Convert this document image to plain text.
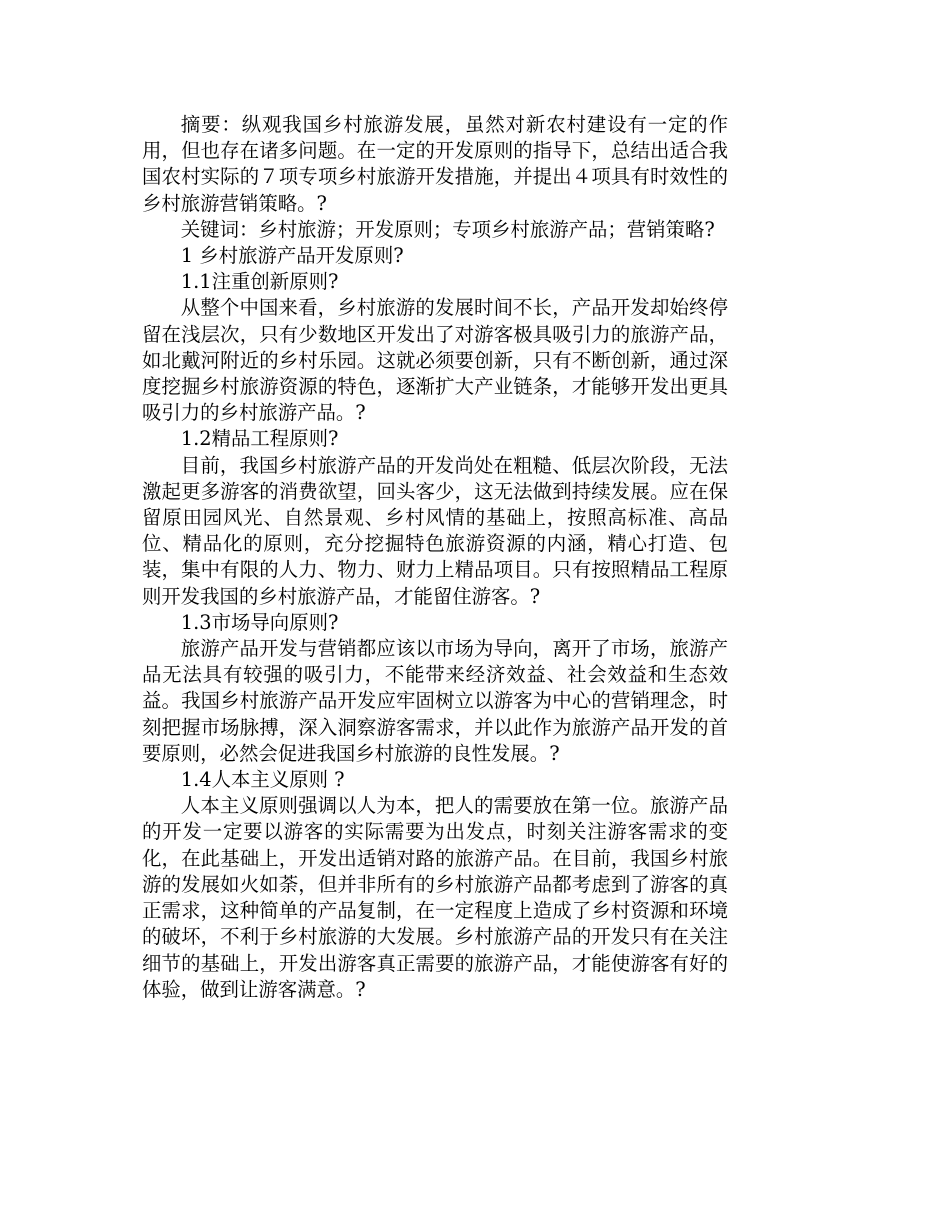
摘要：纵观我国乡村旅游发展，虽然对新农村建设有一定的作用，但也存在诸多问题。在一定的开发原则的指导下，总结出适合我国农村实际的７项专项乡村旅游开发措施，并提出４项具有时效性的乡村旅游营销策略。?

关键词：乡村旅游；开发原则；专项乡村旅游产品；营销策略?

1 乡村旅游产品开发原则?

1.1注重创新原则?

从整个中国来看，乡村旅游的发展时间不长，产品开发却始终停留在浅层次，只有少数地区开发出了对游客极具吸引力的旅游产品，如北戴河附近的乡村乐园。这就必须要创新，只有不断创新，通过深度挖掘乡村旅游资源的特色，逐渐扩大产业链条，才能够开发出更具吸引力的乡村旅游产品。?

1.2精品工程原则?

目前，我国乡村旅游产品的开发尚处在粗糙、低层次阶段，无法激起更多游客的消费欲望，回头客少，这无法做到持续发展。应在保留原田园风光、自然景观、乡村风情的基础上，按照高标准、高品位、精品化的原则，充分挖掘特色旅游资源的内涵，精心打造、包装，集中有限的人力、物力、财力上精品项目。只有按照精品工程原则开发我国的乡村旅游产品，才能留住游客。?

1.3市场导向原则?

旅游产品开发与营销都应该以市场为导向，离开了市场，旅游产品无法具有较强的吸引力，不能带来经济效益、社会效益和生态效益。我国乡村旅游产品开发应牢固树立以游客为中心的营销理念，时刻把握市场脉搏，深入洞察游客需求，并以此作为旅游产品开发的首要原则，必然会促进我国乡村旅游的良性发展。?

1.4人本主义原则 ?

人本主义原则强调以人为本，把人的需要放在第一位。旅游产品的开发一定要以游客的实际需要为出发点，时刻关注游客需求的变化，在此基础上，开发出适销对路的旅游产品。在目前，我国乡村旅游的发展如火如荼，但并非所有的乡村旅游产品都考虑到了游客的真正需求，这种简单的产品复制，在一定程度上造成了乡村资源和环境的破坏，不利于乡村旅游的大发展。乡村旅游产品的开发只有在关注细节的基础上，开发出游客真正需要的旅游产品，才能使游客有好的体验，做到让游客满意。?
